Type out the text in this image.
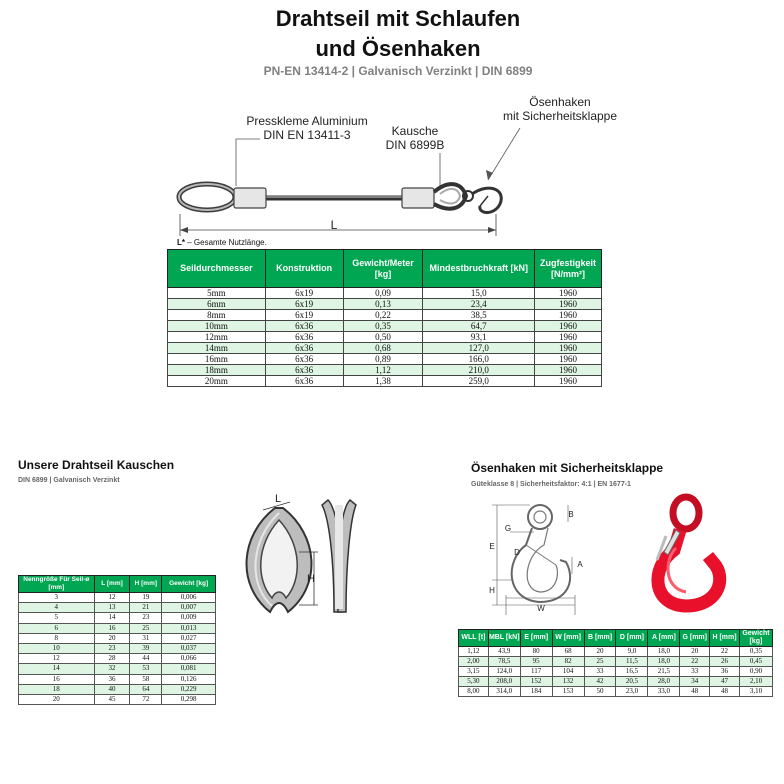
Drahtseil mit Schlaufen
und Ösenhaken
PN-EN 13414-2 | Galvanisch Verzinkt | DIN 6899
Presskleme Aluminium
DIN EN 13411-3	Kausche
DIN 6899B
Ösenhaken
mit Sicherheitsklappe
L
L* – Gesamte Nutzlänge.
Seildurchmesser	Konstruktion	Gewicht/Meter [kg]	Mindestbruchkraft [kN]	Zugfestigkeit [N/mm²]
5mm	6x19	0,09	15,0	1960
6mm	6x19	0,13	23,4	1960
8mm	6x19	0,22	38,5	1960
10mm	6x36	0,35	64,7	1960
12mm	6x36	0,50	93,1	1960
14mm	6x36	0,68	127,0	1960
16mm	6x36	0,89	166,0	1960
18mm	6x36	1,12	210,0	1960
20mm	6x36	1,38	259,0	1960
Unsere Drahtseil Kauschen
DIN 6899 | Galvanisch Verzinkt
L
H
Nenngröße Für Seil-ø [mm]	L [mm]	H [mm]	Gewicht [kg]
3	12	19	0,006
4	13	21	0,007
5	14	23	0,009
6	16	25	0,013
8	20	31	0,027
10	23	39	0,037
12	28	44	0,066
14	32	53	0,081
16	36	58	0,126
18	40	64	0,229
20	45	72	0,298
Ösenhaken mit Sicherheitsklappe
Güteklasse 8 | Sicherheitsfaktor: 4:1 | EN 1677-1
G
B
E
D
H
A
W
WLL [t]	MBL [kN]	E [mm]	W [mm]	B [mm]	D [mm]	A [mm]	G [mm]	H [mm]	Gewicht [kg]
1,12	43,9	80	68	20	9,0	18,0	20	22	0,35
2,00	78,5	95	82	25	11,5	18,0	22	26	0,45
3,15	124,0	117	104	33	16,5	21,5	33	36	0,90
5,30	208,0	152	132	42	20,5	28,0	34	47	2,10
8,00	314,0	184	153	50	23,0	33,0	48	48	3,10
